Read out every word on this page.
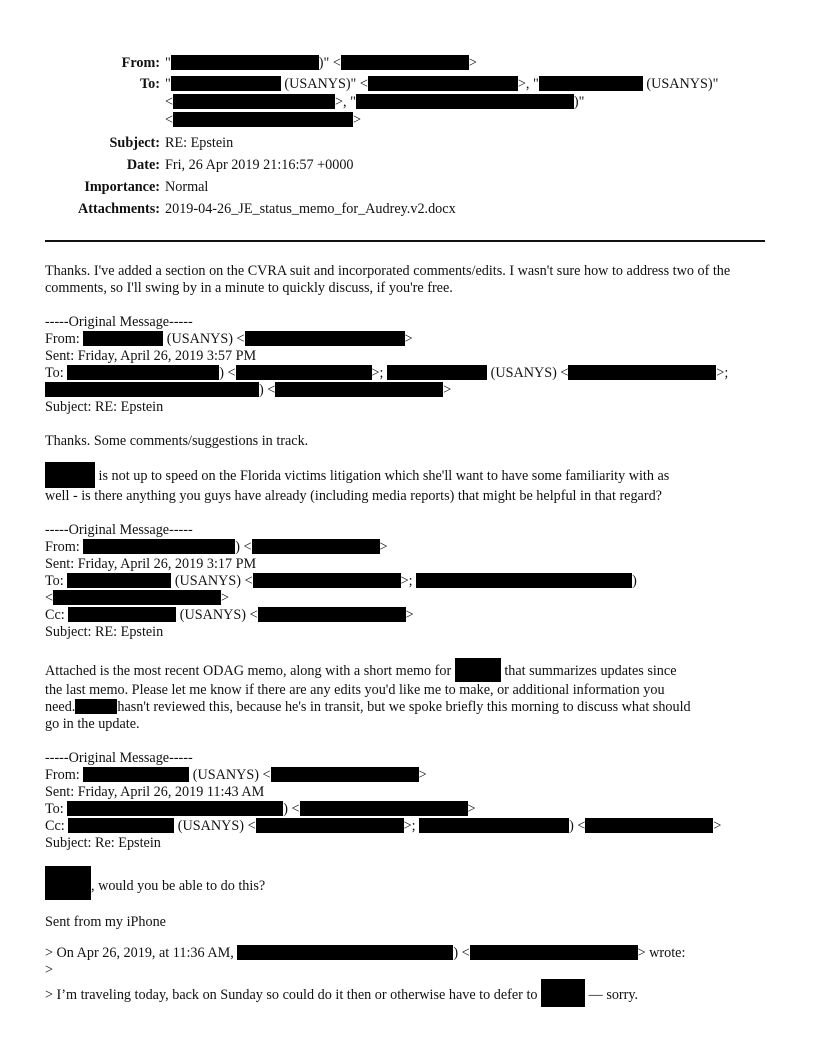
From: "	)" <	>
To: "	(USANYS)" <	>, "	(USANYS)"
<	>, "	)"
<	>
Subject: RE: Epstein
Date: Fri, 26 Apr 2019 21:16:57 +0000
Importance: Normal
Attachments: 2019-04-26_JE_status_memo_for_Audrey.v2.docx

Thanks. I've added a section on the CVRA suit and incorporated comments/edits. I wasn't sure how to address two of the comments, so I'll swing by in a minute to quickly discuss, if you're free.

-----Original Message-----

From:	(USANYS) <	>

Sent: Friday, April 26, 2019 3:57 PM

To:	) <	>;	(USANYS) <	>;

) <	>

Subject: RE: Epstein

Thanks. Some comments/suggestions in track.

is not up to speed on the Florida victims litigation which she'll want to have some familiarity with as

well - is there anything you guys have already (including media reports) that might be helpful in that regard?

-----Original Message-----

From:	) <	>

Sent: Friday, April 26, 2019 3:17 PM

To:	(USANYS) <	>;	)

<	>

Cc:	(USANYS) <	>

Subject: RE: Epstein

Attached is the most recent ODAG memo, along with a short memo for	that summarizes updates since

the last memo. Please let me know if there are any edits you'd like me to make, or additional information you

need.	hasn't reviewed this, because he's in transit, but we spoke briefly this morning to discuss what should

go in the update.

-----Original Message-----

From:	(USANYS) <	>

Sent: Friday, April 26, 2019 11:43 AM

To:	) <	>

Cc:	(USANYS) <	>;	) <	>

Subject: Re: Epstein

, would you be able to do this?

Sent from my iPhone

> On Apr 26, 2019, at 11:36 AM,	) <	> wrote:

>

> I’m traveling today, back on Sunday so could do it then or otherwise have to defer to	— sorry.
